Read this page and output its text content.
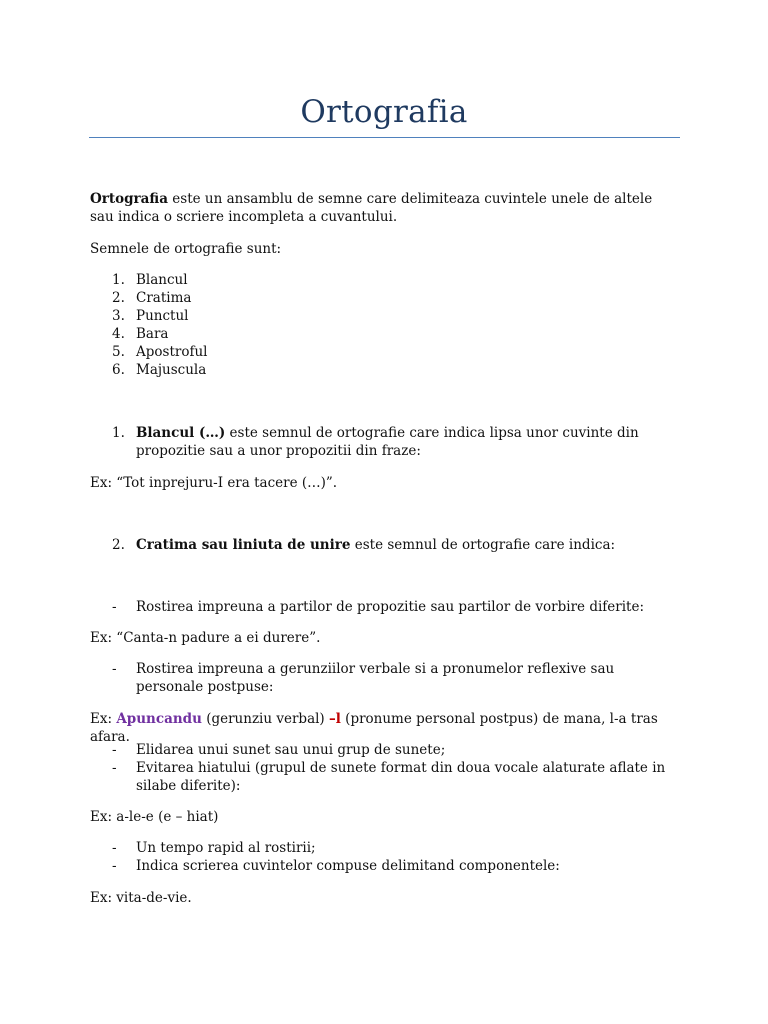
Ortografia

Ortografia este un ansamblu de semne care delimiteaza cuvintele unele de altele sau indica o scriere incompleta a cuvantului.

Semnele de ortografie sunt:

1. Blancul
2. Cratima
3. Punctul
4. Bara
5. Apostroful
6. Majuscula
1. Blancul (…) este semnul de ortografie care indica lipsa unor cuvinte din propozitie sau a unor propozitii din fraze:

Ex: “Tot inprejuru-I era tacere (…)”.

2. Cratima sau liniuta de unire este semnul de ortografie care indica:
- Rostirea impreuna a partilor de propozitie sau partilor de vorbire diferite:

Ex: “Canta-n padure a ei durere”.

- Rostirea impreuna a gerunziilor verbale si a pronumelor reflexive sau personale postpuse:

Ex: Apuncandu (gerunziu verbal) –l (pronume personal postpus) de mana, l-a tras afara.

- Elidarea unui sunet sau unui grup de sunete;
- Evitarea hiatului (grupul de sunete format din doua vocale alaturate aflate in silabe diferite):

Ex: a-le-e (e – hiat)

- Un tempo rapid al rostirii;
- Indica scrierea cuvintelor compuse delimitand componentele:

Ex: vita-de-vie.
